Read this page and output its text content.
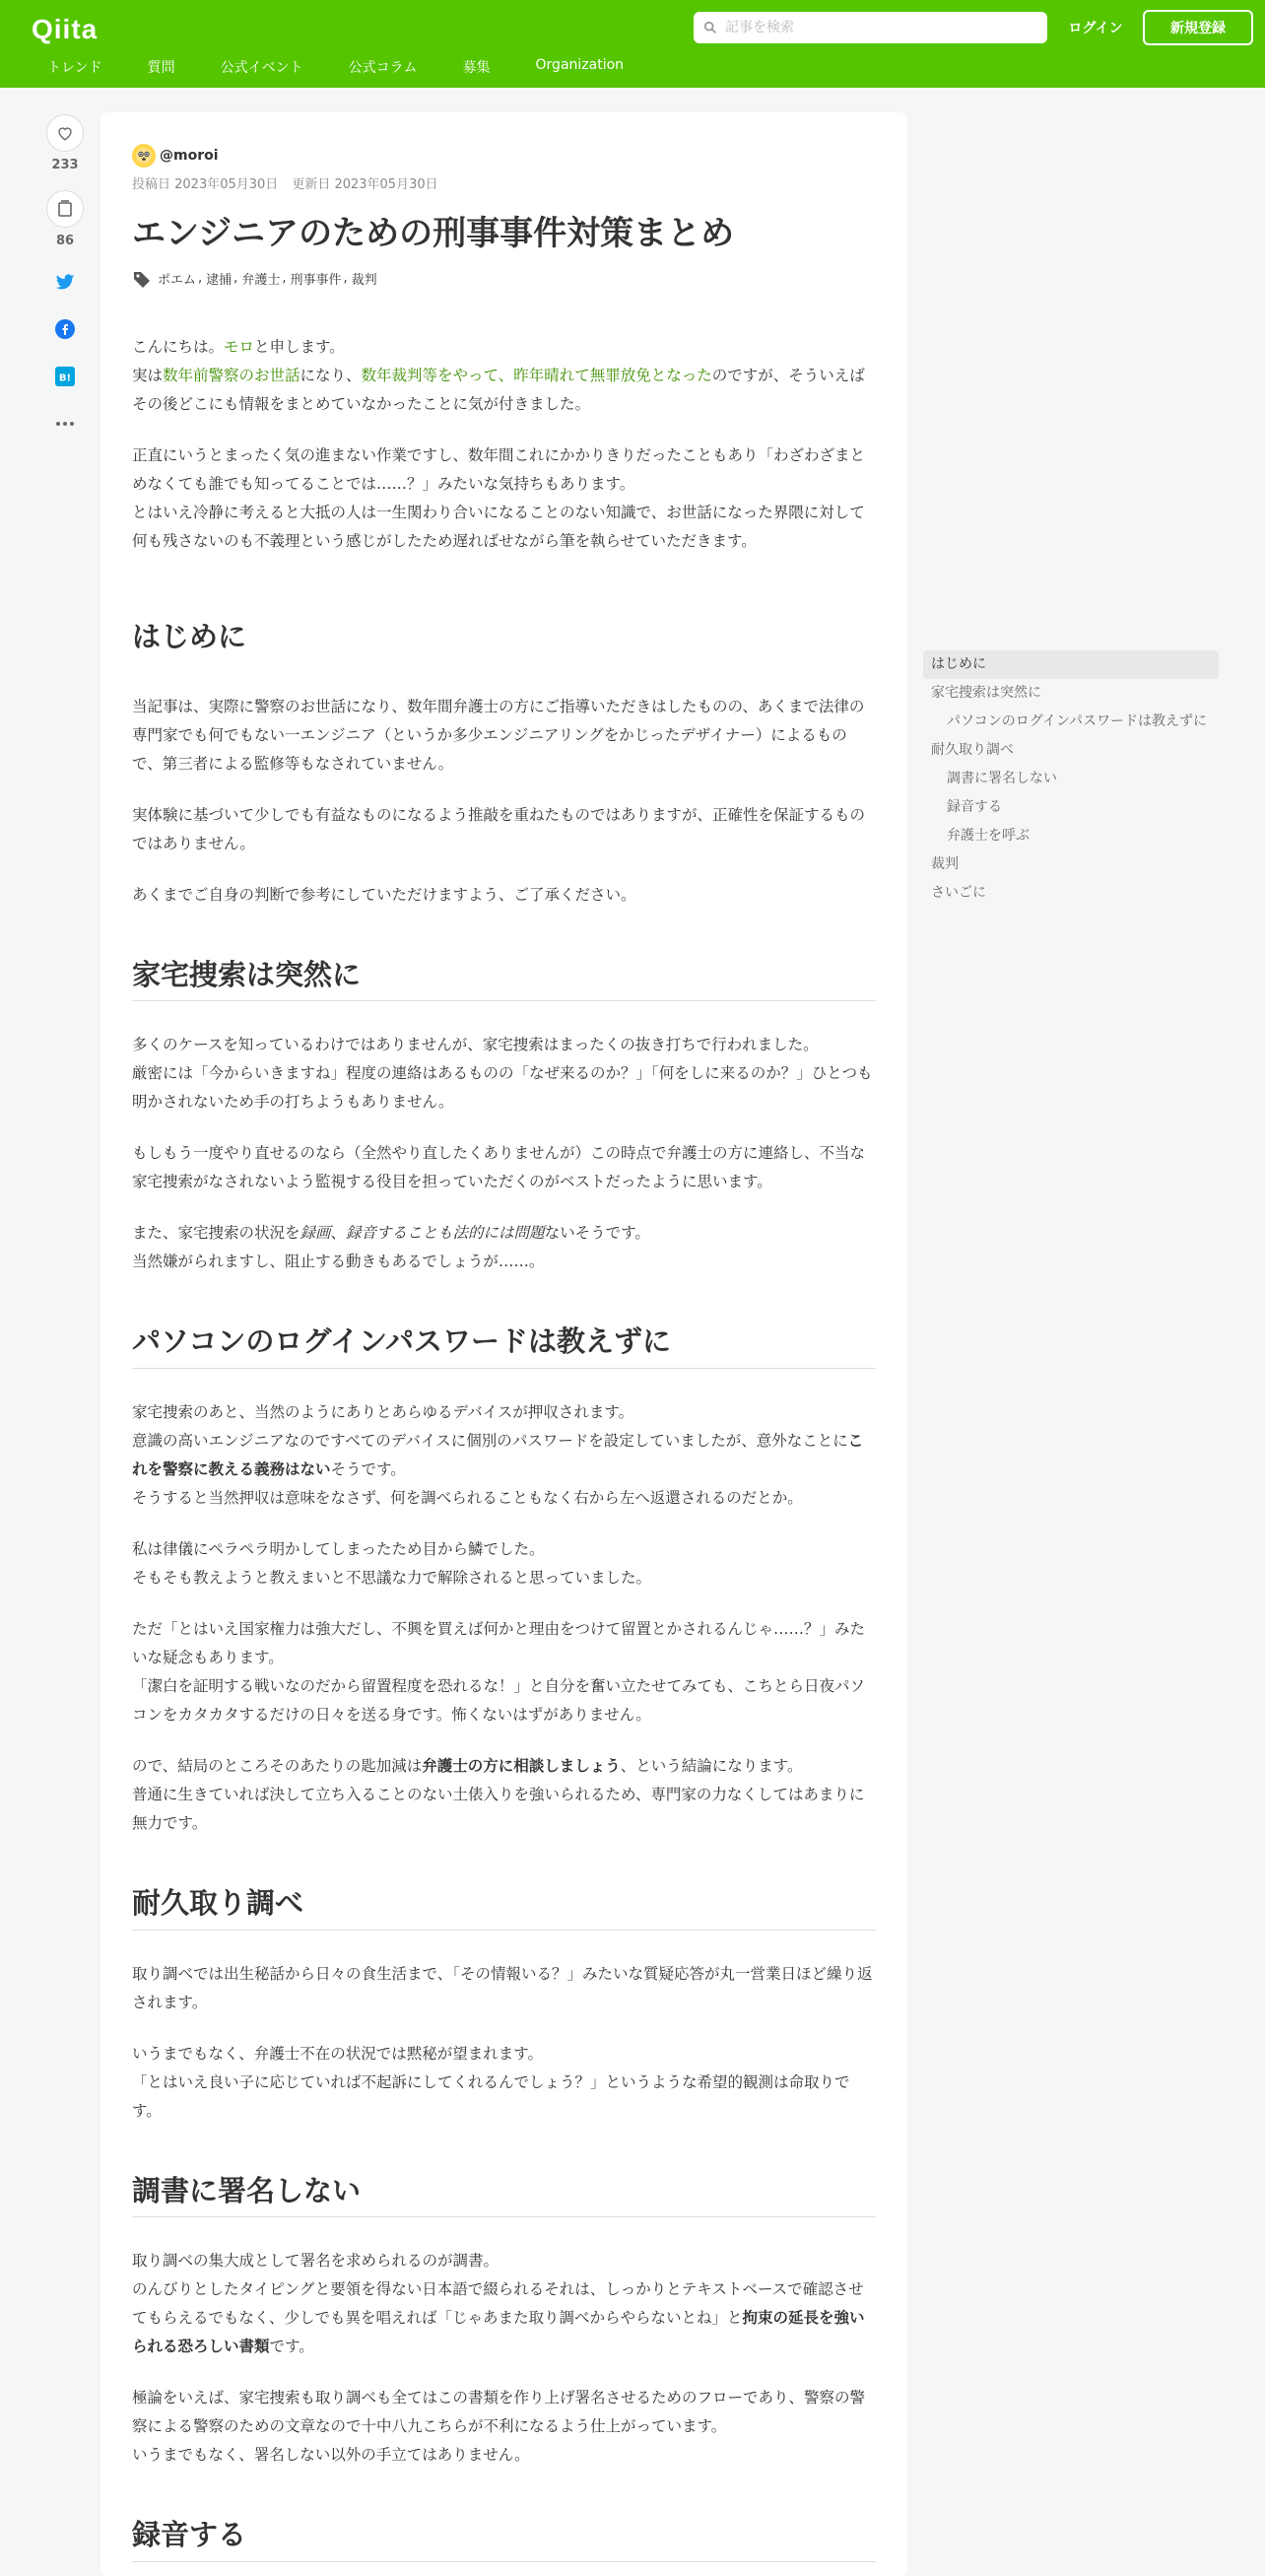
Qiita
記事を検索	ログイン	新規登録
トレンド	質問	公式イベント	公式コラム	募集	Organization
233
86
B!
@moroi
投稿日 2023年05月30日 更新日 2023年05月30日
エンジニアのための刑事事件対策まとめ
ポエム , 逮捕 , 弁護士 , 刑事事件 , 裁判

こんにちは。モロと申します。
実は数年前警察のお世話になり、数年裁判等をやって、昨年晴れて無罪放免となったのですが、そういえばその後どこにも情報をまとめていなかったことに気が付きました。

正直にいうとまったく気の進まない作業ですし、数年間これにかかりきりだったこともあり「わざわざまとめなくても誰でも知ってることでは……？」みたいな気持ちもあります。
とはいえ冷静に考えると大抵の人は一生関わり合いになることのない知識で、お世話になった界隈に対して何も残さないのも不義理という感じがしたため遅ればせながら筆を執らせていただきます。

はじめに

当記事は、実際に警察のお世話になり、数年間弁護士の方にご指導いただきはしたものの、あくまで法律の専門家でも何でもない一エンジニア（というか多少エンジニアリングをかじったデザイナー）によるもので、第三者による監修等もなされていません。

実体験に基づいて少しでも有益なものになるよう推敲を重ねたものではありますが、正確性を保証するものではありません。

あくまでご自身の判断で参考にしていただけますよう、ご了承ください。

家宅捜索は突然に

多くのケースを知っているわけではありませんが、家宅捜索はまったくの抜き打ちで行われました。
厳密には「今からいきますね」程度の連絡はあるものの「なぜ来るのか？」「何をしに来るのか？」ひとつも明かされないため手の打ちようもありません。

もしもう一度やり直せるのなら（全然やり直したくありませんが）この時点で弁護士の方に連絡し、不当な家宅捜索がなされないよう監視する役目を担っていただくのがベストだったように思います。

また、家宅捜索の状況を録画、録音することも法的には問題ないそうです。
当然嫌がられますし、阻止する動きもあるでしょうが……。

パソコンのログインパスワードは教えずに

家宅捜索のあと、当然のようにありとあらゆるデバイスが押収されます。
意識の高いエンジニアなのですべてのデバイスに個別のパスワードを設定していましたが、意外なことにこれを警察に教える義務はないそうです。
そうすると当然押収は意味をなさず、何を調べられることもなく右から左へ返還されるのだとか。

私は律儀にペラペラ明かしてしまったため目から鱗でした。
そもそも教えようと教えまいと不思議な力で解除されると思っていました。

ただ「とはいえ国家権力は強大だし、不興を買えば何かと理由をつけて留置とかされるんじゃ……？」みたいな疑念もあります。
「潔白を証明する戦いなのだから留置程度を恐れるな！」と自分を奮い立たせてみても、こちとら日夜パソコンをカタカタするだけの日々を送る身です。怖くないはずがありません。

ので、結局のところそのあたりの匙加減は弁護士の方に相談しましょう、という結論になります。
普通に生きていれば決して立ち入ることのない土俵入りを強いられるため、専門家の力なくしてはあまりに無力です。

耐久取り調べ

取り調べでは出生秘話から日々の食生活まで、「その情報いる？」みたいな質疑応答が丸一営業日ほど繰り返されます。

いうまでもなく、弁護士不在の状況では黙秘が望まれます。
「とはいえ良い子に応じていれば不起訴にしてくれるんでしょう？」というような希望的観測は命取りです。

調書に署名しない

取り調べの集大成として署名を求められるのが調書。
のんびりとしたタイピングと要領を得ない日本語で綴られるそれは、しっかりとテキストベースで確認させてもらえるでもなく、少しでも異を唱えれば「じゃあまた取り調べからやらないとね」と拘束の延長を強いられる恐ろしい書類です。

極論をいえば、家宅捜索も取り調べも全てはこの書類を作り上げ署名させるためのフローであり、警察の警察による警察のための文章なので十中八九こちらが不利になるよう仕上がっています。
いうまでもなく、署名しない以外の手立てはありません。

録音する
はじめに
家宅捜索は突然に
パソコンのログインパスワードは教えずに
耐久取り調べ
調書に署名しない
録音する
弁護士を呼ぶ
裁判
さいごに
